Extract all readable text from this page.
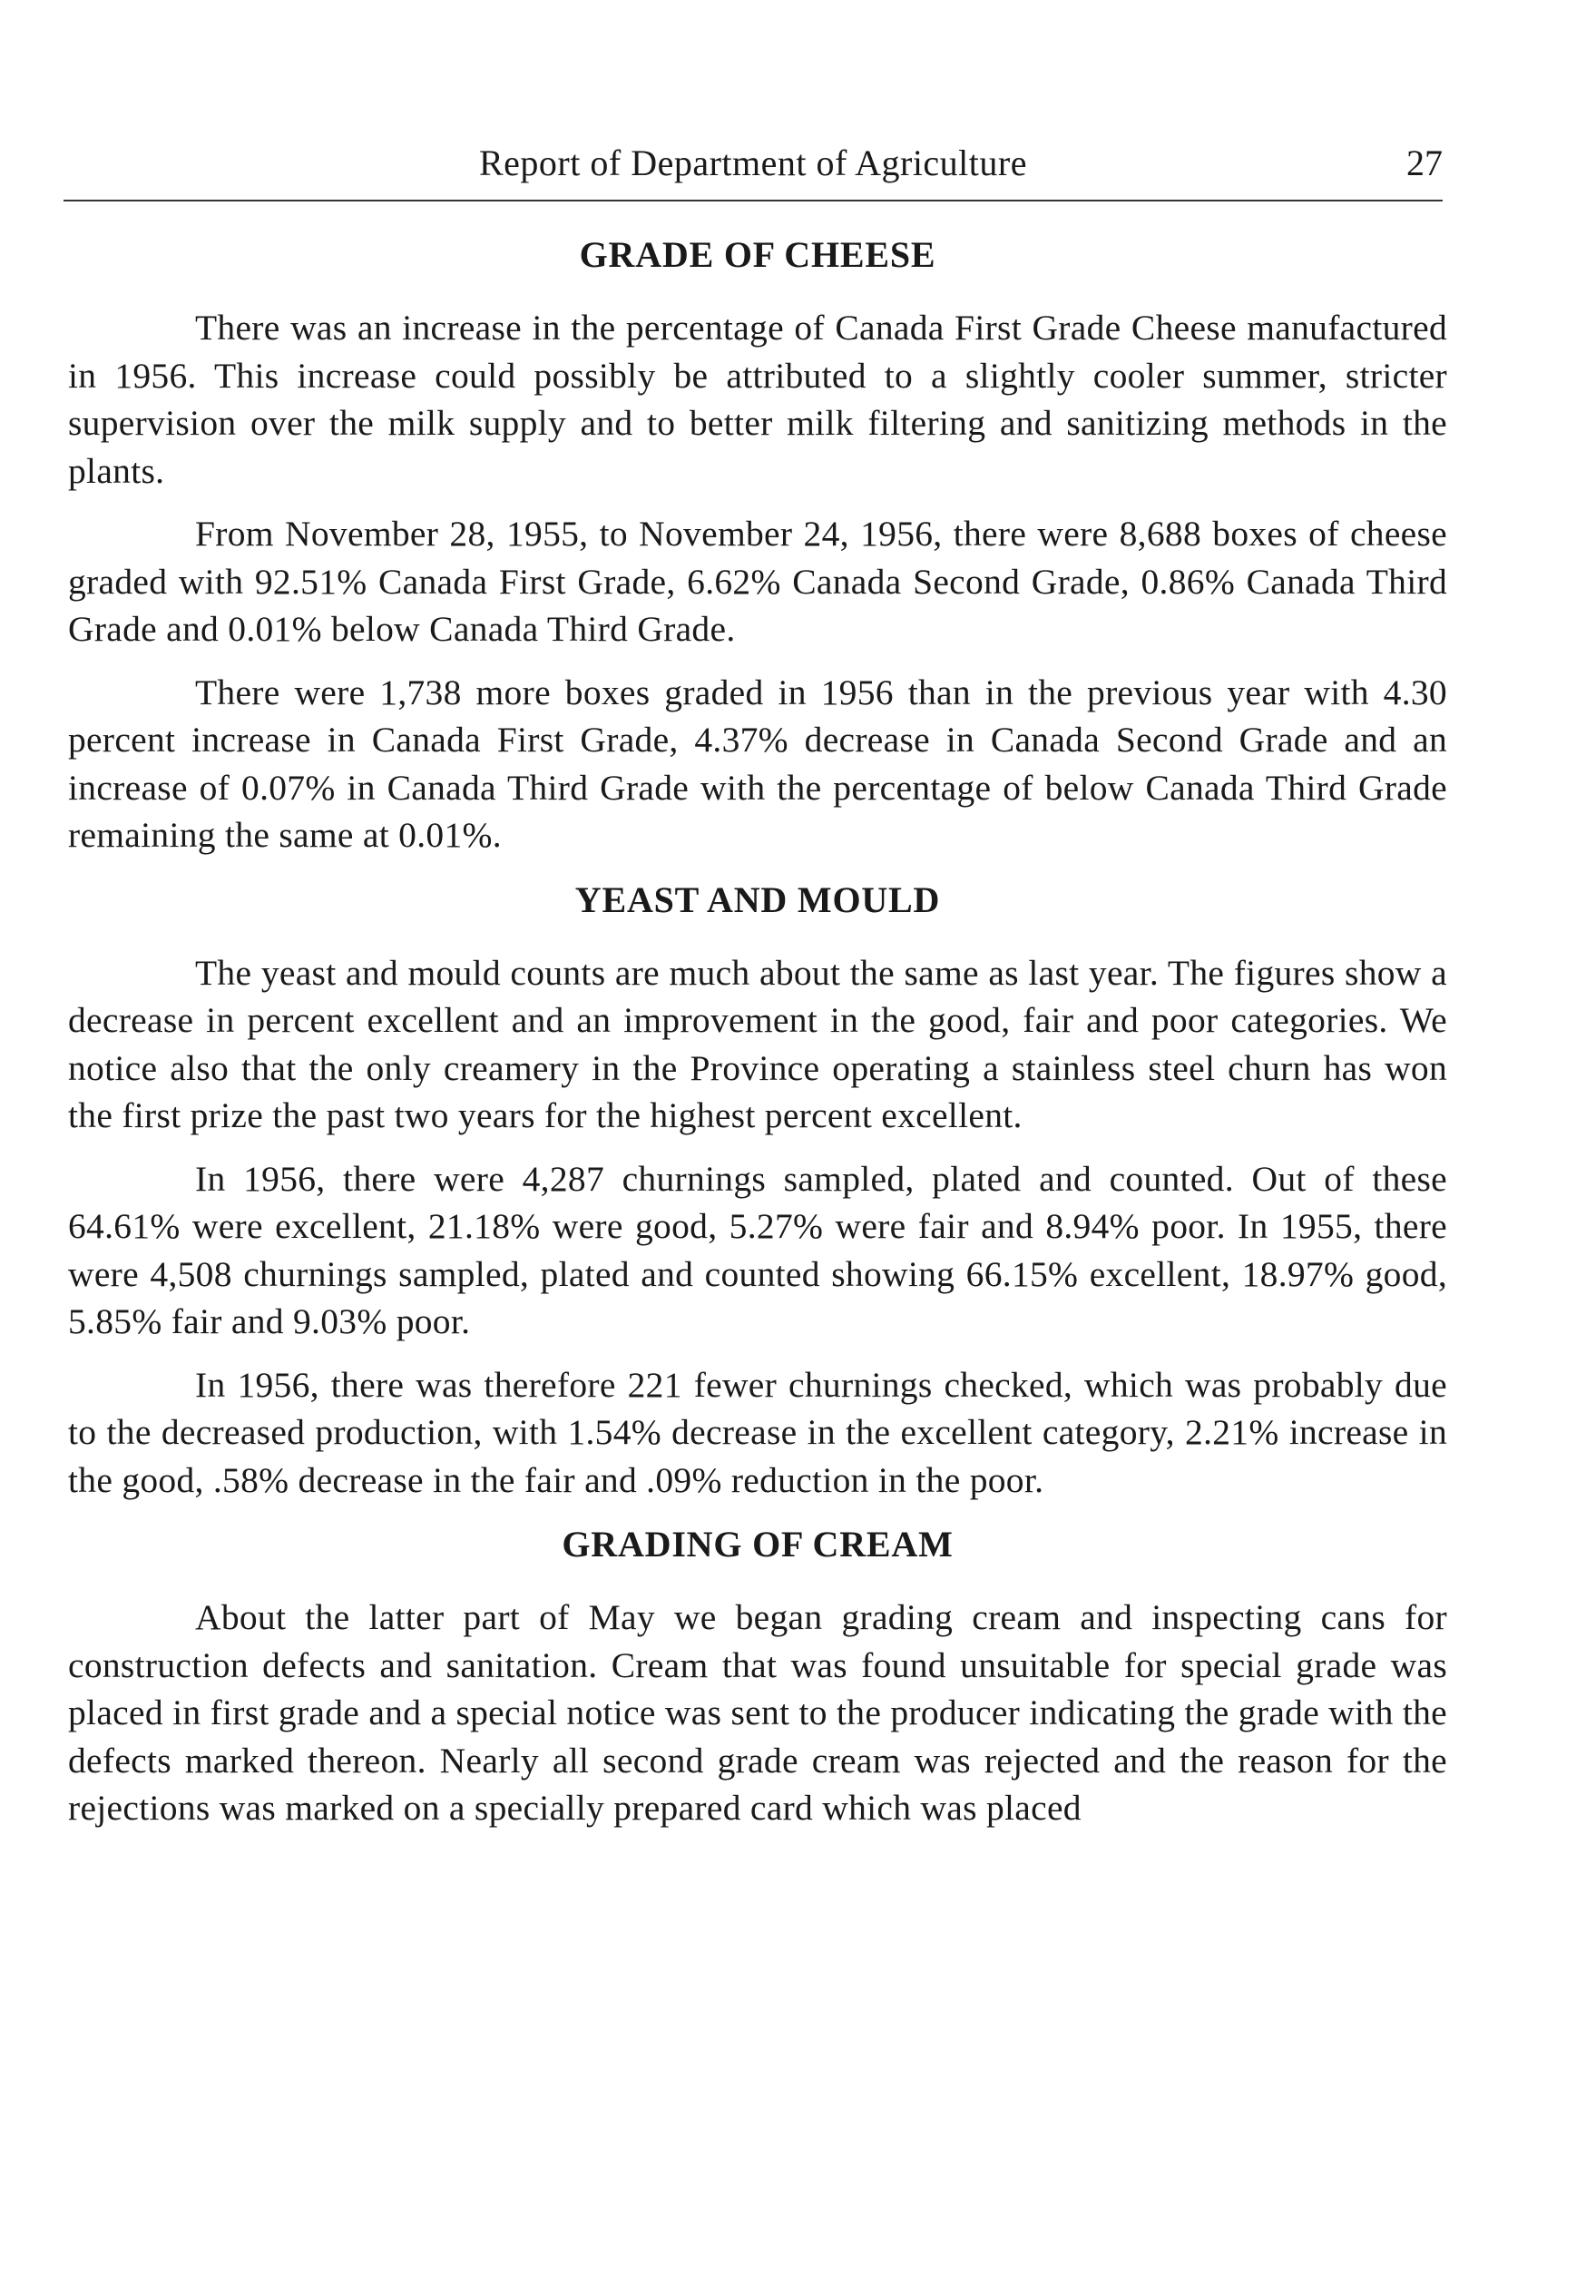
Report of Department of Agriculture	27
GRADE OF CHEESE

There was an increase in the percentage of Canada First Grade Cheese manufactured in 1956. This increase could possibly be attributed to a slightly cooler summer, stricter supervision over the milk supply and to better milk filtering and sanitizing methods in the plants.

From November 28, 1955, to November 24, 1956, there were 8,688 boxes of cheese graded with 92.51% Canada First Grade, 6.62% Canada Second Grade, 0.86% Canada Third Grade and 0.01% below Canada Third Grade.

There were 1,738 more boxes graded in 1956 than in the previous year with 4.30 percent increase in Canada First Grade, 4.37% decrease in Canada Second Grade and an increase of 0.07% in Canada Third Grade with the percentage of below Canada Third Grade remaining the same at 0.01%.

YEAST AND MOULD

The yeast and mould counts are much about the same as last year. The figures show a decrease in percent excellent and an improvement in the good, fair and poor categories. We notice also that the only creamery in the Province operating a stainless steel churn has won the first prize the past two years for the highest percent excellent.

In 1956, there were 4,287 churnings sampled, plated and counted. Out of these 64.61% were excellent, 21.18% were good, 5.27% were fair and 8.94% poor. In 1955, there were 4,508 churnings sampled, plated and counted showing 66.15% excellent, 18.97% good, 5.85% fair and 9.03% poor.

In 1956, there was therefore 221 fewer churnings checked, which was probably due to the decreased production, with 1.54% decrease in the excellent category, 2.21% increase in the good, .58% decrease in the fair and .09% reduction in the poor.

GRADING OF CREAM

About the latter part of May we began grading cream and inspecting cans for construction defects and sanitation. Cream that was found unsuitable for special grade was placed in first grade and a special notice was sent to the producer indicating the grade with the defects marked thereon. Nearly all second grade cream was rejected and the reason for the rejections was marked on a specially prepared card which was placed
